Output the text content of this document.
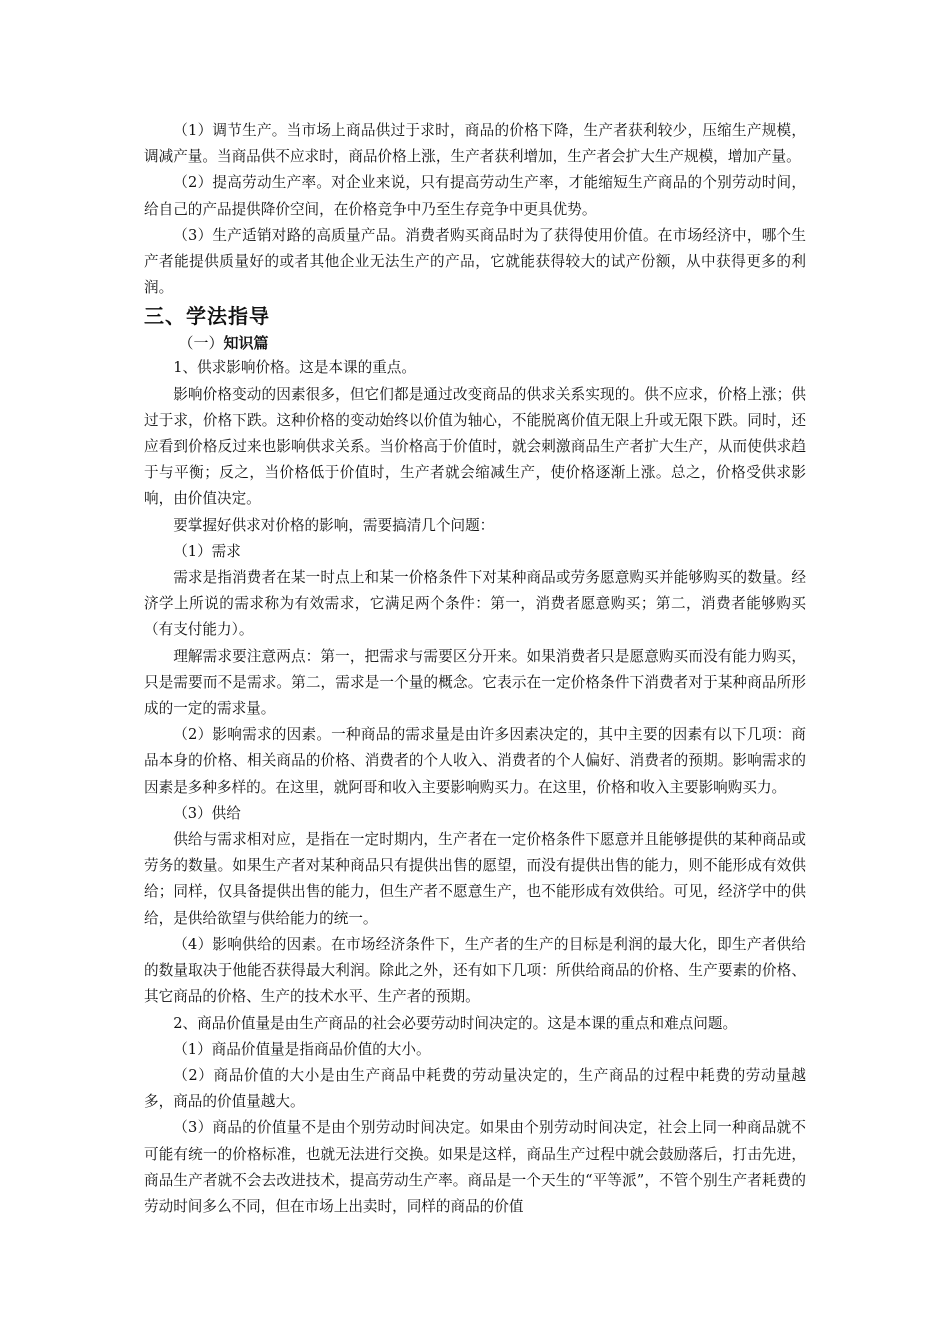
（1）调节生产。当市场上商品供过于求时，商品的价格下降，生产者获利较少，压缩生产规模，调减产量。当商品供不应求时，商品价格上涨，生产者获利增加，生产者会扩大生产规模，增加产量。

（2）提高劳动生产率。对企业来说，只有提高劳动生产率，才能缩短生产商品的个别劳动时间，给自己的产品提供降价空间，在价格竞争中乃至生存竞争中更具优势。

（3）生产适销对路的高质量产品。消费者购买商品时为了获得使用价值。在市场经济中，哪个生产者能提供质量好的或者其他企业无法生产的产品，它就能获得较大的试产份额，从中获得更多的利润。

三、学法指导
（一）知识篇

1、供求影响价格。这是本课的重点。

影响价格变动的因素很多，但它们都是通过改变商品的供求关系实现的。供不应求，价格上涨；供过于求，价格下跌。这种价格的变动始终以价值为轴心，不能脱离价值无限上升或无限下跌。同时，还应看到价格反过来也影响供求关系。当价格高于价值时，就会刺激商品生产者扩大生产，从而使供求趋于与平衡；反之，当价格低于价值时，生产者就会缩减生产，使价格逐渐上涨。总之，价格受供求影响，由价值决定。

要掌握好供求对价格的影响，需要搞清几个问题：

（1）需求

需求是指消费者在某一时点上和某一价格条件下对某种商品或劳务愿意购买并能够购买的数量。经济学上所说的需求称为有效需求，它满足两个条件：第一，消费者愿意购买；第二，消费者能够购买（有支付能力）。

理解需求要注意两点：第一，把需求与需要区分开来。如果消费者只是愿意购买而没有能力购买，只是需要而不是需求。第二，需求是一个量的概念。它表示在一定价格条件下消费者对于某种商品所形成的一定的需求量。

（2）影响需求的因素。一种商品的需求量是由许多因素决定的，其中主要的因素有以下几项：商品本身的价格、相关商品的价格、消费者的个人收入、消费者的个人偏好、消费者的预期。影响需求的因素是多种多样的。在这里，就阿哥和收入主要影响购买力。在这里，价格和收入主要影响购买力。

（3）供给

供给与需求相对应，是指在一定时期内，生产者在一定价格条件下愿意并且能够提供的某种商品或劳务的数量。如果生产者对某种商品只有提供出售的愿望，而没有提供出售的能力，则不能形成有效供给；同样，仅具备提供出售的能力，但生产者不愿意生产，也不能形成有效供给。可见，经济学中的供给，是供给欲望与供给能力的统一。

（4）影响供给的因素。在市场经济条件下，生产者的生产的目标是利润的最大化，即生产者供给的数量取决于他能否获得最大利润。除此之外，还有如下几项：所供给商品的价格、生产要素的价格、其它商品的价格、生产的技术水平、生产者的预期。

2、商品价值量是由生产商品的社会必要劳动时间决定的。这是本课的重点和难点问题。

（1）商品价值量是指商品价值的大小。

（2）商品价值的大小是由生产商品中耗费的劳动量决定的，生产商品的过程中耗费的劳动量越多，商品的价值量越大。

（3）商品的价值量不是由个别劳动时间决定。如果由个别劳动时间决定，社会上同一种商品就不可能有统一的价格标准，也就无法进行交换。如果是这样，商品生产过程中就会鼓励落后，打击先进，商品生产者就不会去改进技术，提高劳动生产率。商品是一个天生的“平等派”，不管个别生产者耗费的劳动时间多么不同，但在市场上出卖时，同样的商品的价值
